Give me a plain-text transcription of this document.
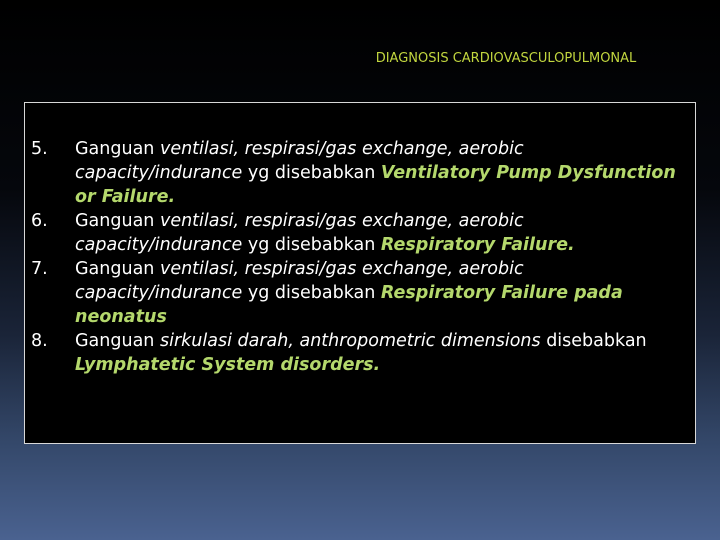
DIAGNOSIS CARDIOVASCULOPULMONAL
5.	Ganguan ventilasi, respirasi/gas exchange, aerobic capacity/indurance yg disebabkan Ventilatory Pump Dysfunction or Failure.
6.	Ganguan ventilasi, respirasi/gas exchange, aerobic capacity/indurance yg disebabkan Respiratory Failure.
7.	Ganguan ventilasi, respirasi/gas exchange, aerobic capacity/indurance yg disebabkan Respiratory Failure pada neonatus
8.	Ganguan sirkulasi darah, anthropometric dimensions disebabkan Lymphatetic System disorders.
